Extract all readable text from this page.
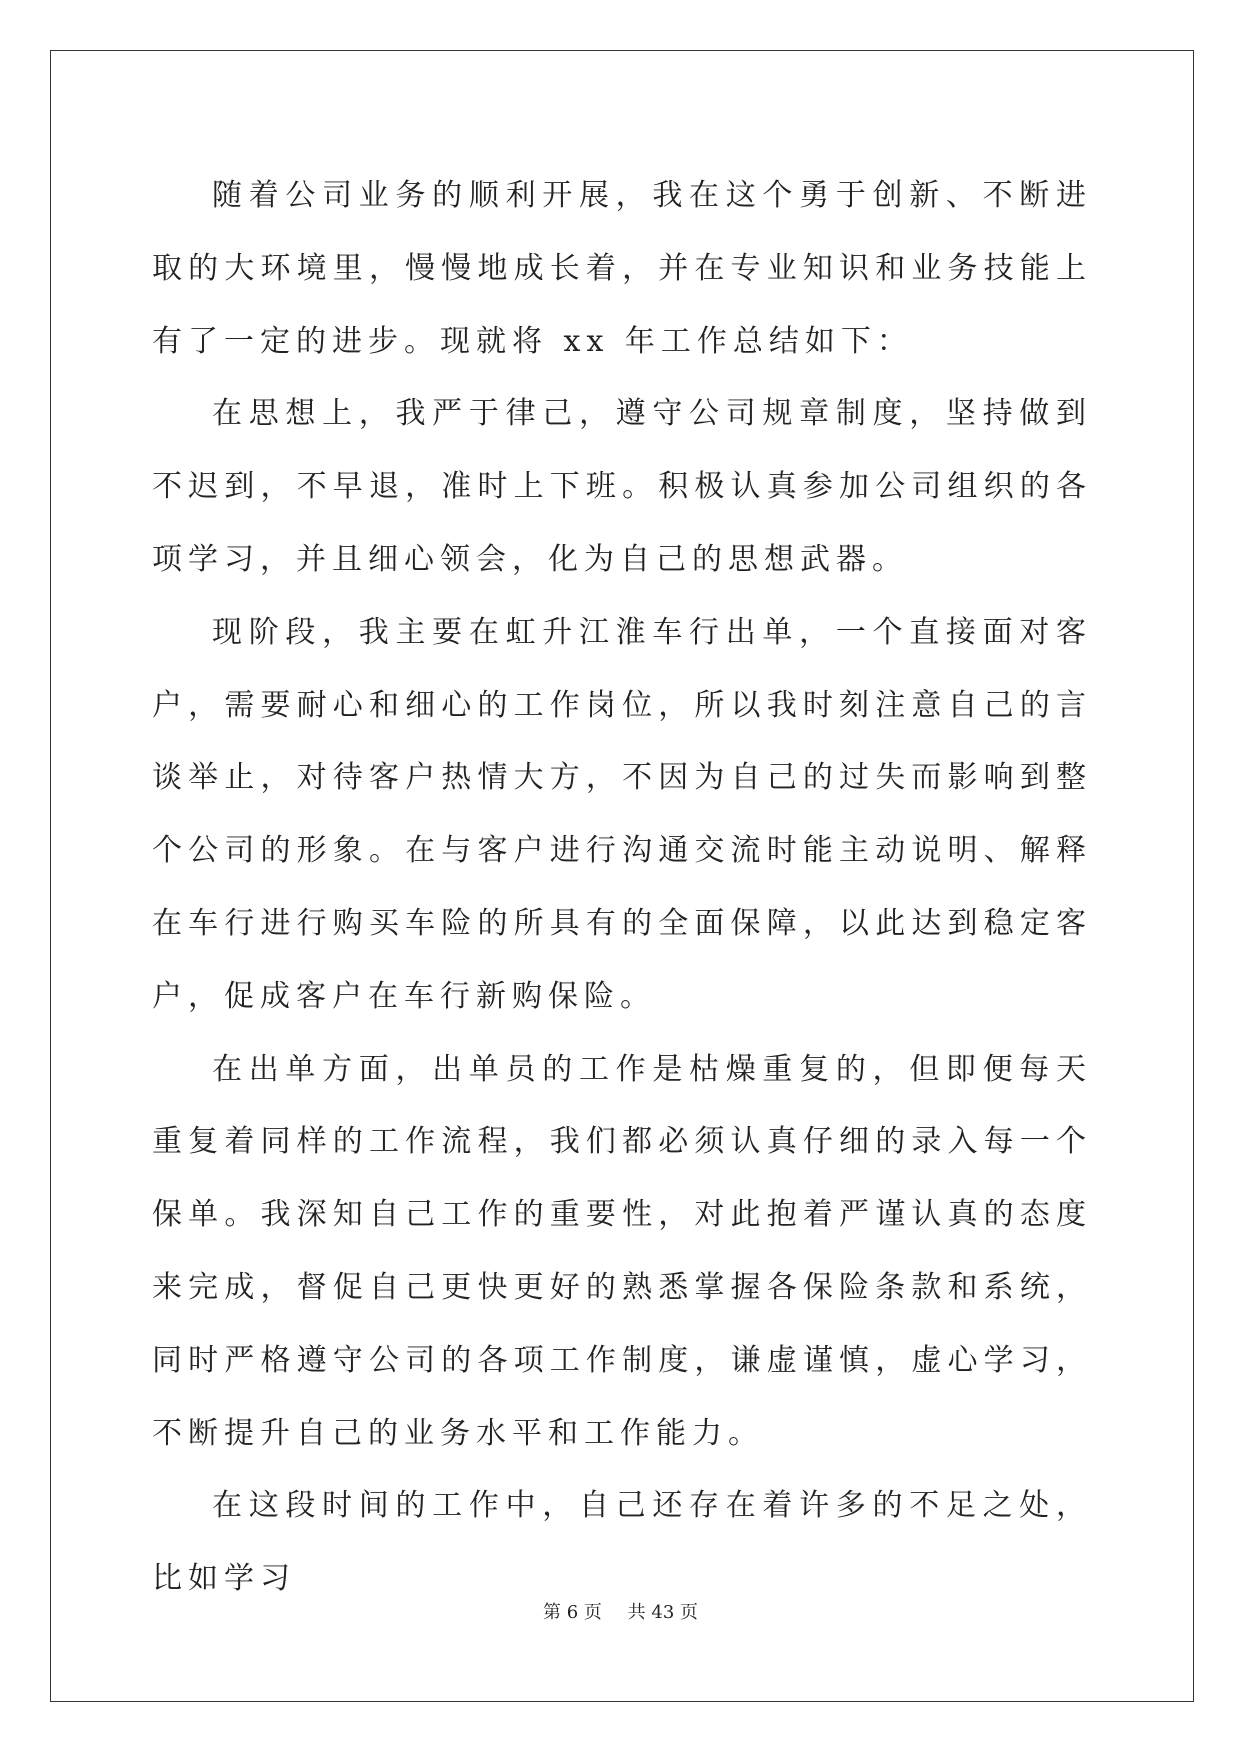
随着公司业务的顺利开展，我在这个勇于创新、不断进取的大环境里，慢慢地成长着，并在专业知识和业务技能上有了一定的进步。现就将 xx 年工作总结如下：

在思想上，我严于律己，遵守公司规章制度，坚持做到不迟到，不早退，准时上下班。积极认真参加公司组织的各项学习，并且细心领会，化为自己的思想武器。

现阶段，我主要在虹升江淮车行出单，一个直接面对客户，需要耐心和细心的工作岗位，所以我时刻注意自己的言谈举止，对待客户热情大方，不因为自己的过失而影响到整个公司的形象。在与客户进行沟通交流时能主动说明、解释在车行进行购买车险的所具有的全面保障，以此达到稳定客户，促成客户在车行新购保险。

在出单方面，出单员的工作是枯燥重复的，但即便每天重复着同样的工作流程，我们都必须认真仔细的录入每一个保单。我深知自己工作的重要性，对此抱着严谨认真的态度来完成，督促自己更快更好的熟悉掌握各保险条款和系统，同时严格遵守公司的各项工作制度，谦虚谨慎，虚心学习，不断提升自己的业务水平和工作能力。

在这段时间的工作中，自己还存在着许多的不足之处，比如学习

第 6 页 共 43 页
